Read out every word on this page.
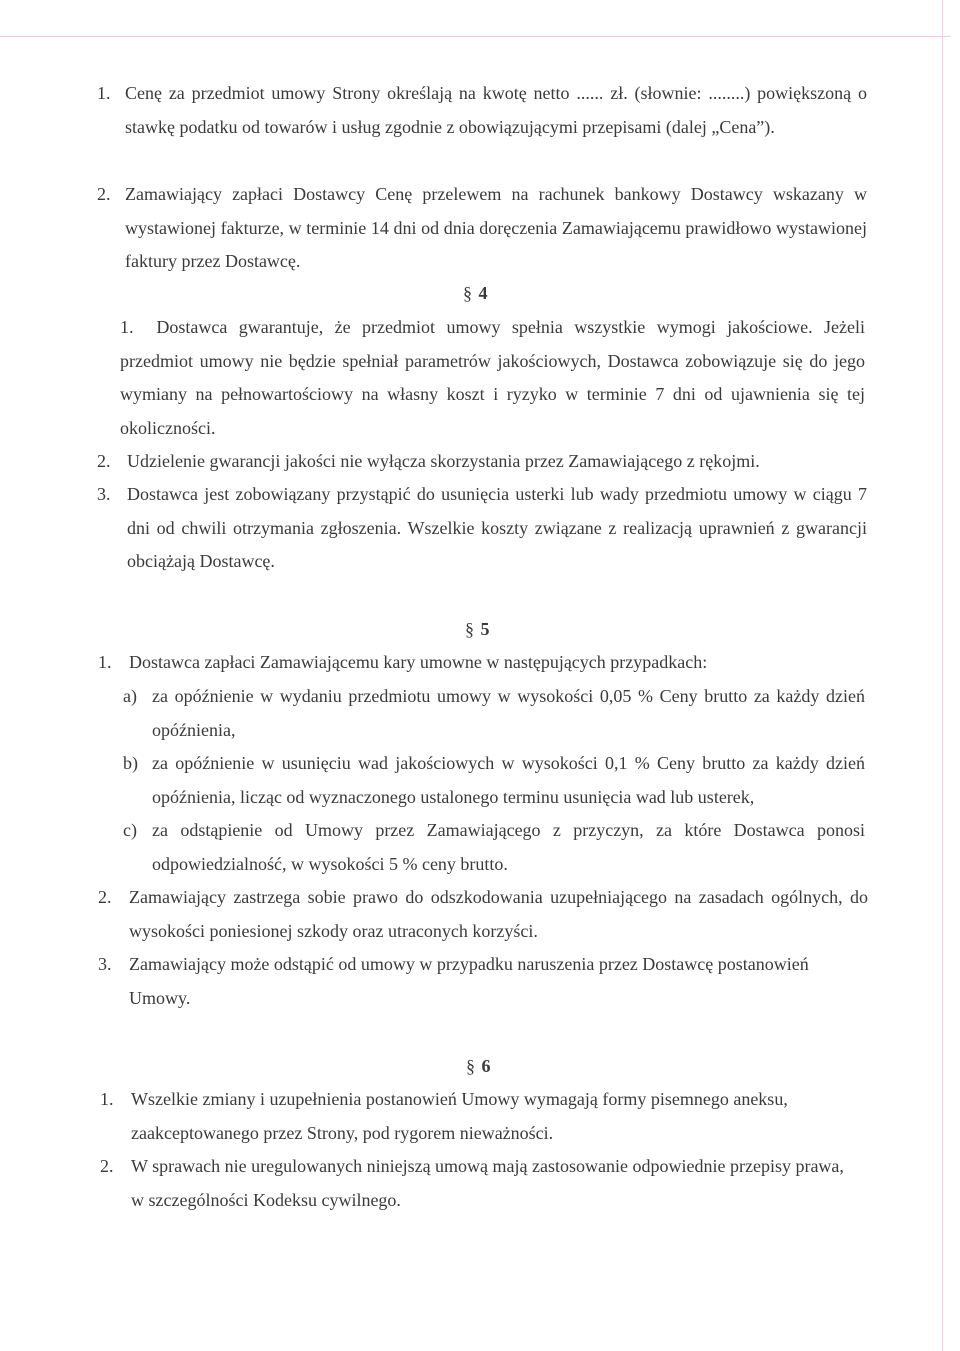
1. Cenę za przedmiot umowy Strony określają na kwotę netto ...... zł. (słownie: ........) powiększoną o stawkę podatku od towarów i usług zgodnie z obowiązującymi przepisami (dalej „Cena”).
2. Zamawiający zapłaci Dostawcy Cenę przelewem na rachunek bankowy Dostawcy wskazany w wystawionej fakturze, w terminie 14 dni od dnia doręczenia Zamawiającemu prawidłowo wystawionej faktury przez Dostawcę.
§ 4
1. Dostawca gwarantuje, że przedmiot umowy spełnia wszystkie wymogi jakościowe. Jeżeli przedmiot umowy nie będzie spełniał parametrów jakościowych, Dostawca zobowiązuje się do jego wymiany na pełnowartościowy na własny koszt i ryzyko w terminie 7 dni od ujawnienia się tej okoliczności.
2. Udzielenie gwarancji jakości nie wyłącza skorzystania przez Zamawiającego z rękojmi.
3. Dostawca jest zobowiązany przystąpić do usunięcia usterki lub wady przedmiotu umowy w ciągu 7 dni od chwili otrzymania zgłoszenia. Wszelkie koszty związane z realizacją uprawnień z gwarancji obciążają Dostawcę.
§ 5
1. Dostawca zapłaci Zamawiającemu kary umowne w następujących przypadkach:
a) za opóźnienie w wydaniu przedmiotu umowy w wysokości 0,05 % Ceny brutto za każdy dzień opóźnienia,
b) za opóźnienie w usunięciu wad jakościowych w wysokości 0,1 % Ceny brutto za każdy dzień opóźnienia, licząc od wyznaczonego ustalonego terminu usunięcia wad lub usterek,
c) za odstąpienie od Umowy przez Zamawiającego z przyczyn, za które Dostawca ponosi odpowiedzialność, w wysokości 5 % ceny brutto.
2. Zamawiający zastrzega sobie prawo do odszkodowania uzupełniającego na zasadach ogólnych, do wysokości poniesionej szkody oraz utraconych korzyści.
3. Zamawiający może odstąpić od umowy w przypadku naruszenia przez Dostawcę postanowień Umowy.
§ 6
1. Wszelkie zmiany i uzupełnienia postanowień Umowy wymagają formy pisemnego aneksu, zaakceptowanego przez Strony, pod rygorem nieważności.
2. W sprawach nie uregulowanych niniejszą umową mają zastosowanie odpowiednie przepisy prawa, w szczególności Kodeksu cywilnego.
